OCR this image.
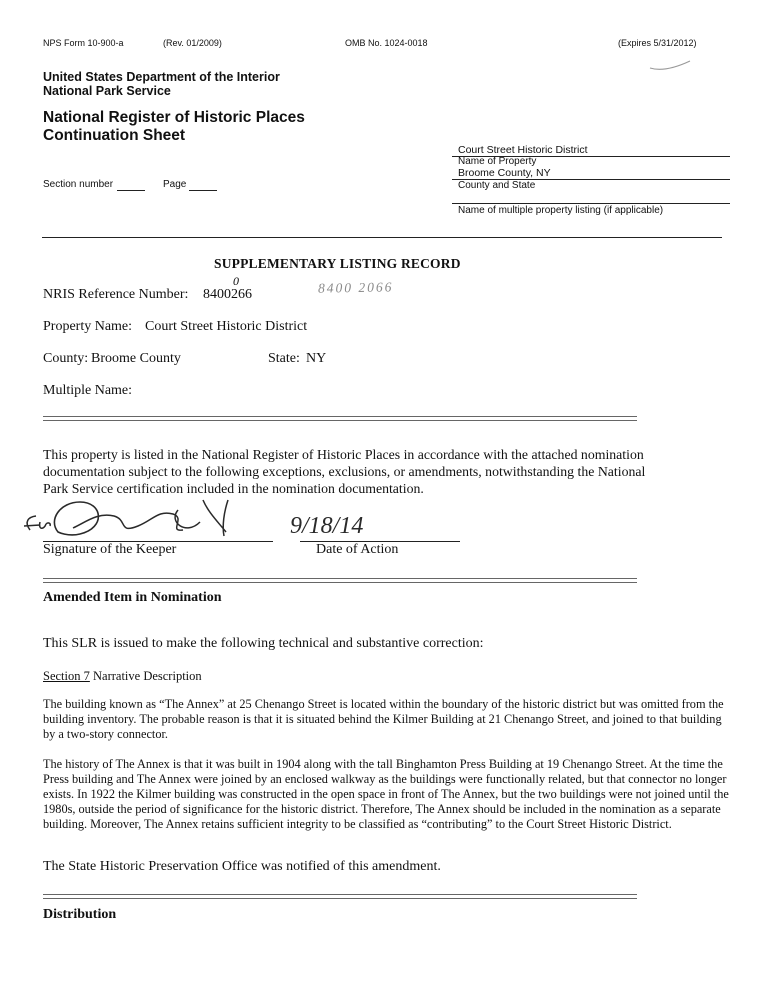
NPS Form 10-900-a	(Rev. 01/2009)	OMB No. 1024-0018	(Expires 5/31/2012)
United States Department of the Interior
National Park Service
National Register of Historic Places
Continuation Sheet
Section number	Page
Court Street Historic District
Name of Property
Broome County, NY
County and State
Name of multiple property listing (if applicable)
SUPPLEMENTARY LISTING RECORD
NRIS Reference Number: 8400266
0	8400 2066
Property Name: Court Street Historic District
County: Broome County	State: NY
Multiple Name:
This property is listed in the National Register of Historic Places in accordance with the attached nomination documentation subject to the following exceptions, exclusions, or amendments, notwithstanding the National Park Service certification included in the nomination documentation.
Signature of the Keeper
9/18/14
Date of Action
Amended Item in Nomination
This SLR is issued to make the following technical and substantive correction:
Section 7 Narrative Description
The building known as “The Annex” at 25 Chenango Street is located within the boundary of the historic district but was omitted from the building inventory. The probable reason is that it is situated behind the Kilmer Building at 21 Chenango Street, and joined to that building by a two-story connector.
The history of The Annex is that it was built in 1904 along with the tall Binghamton Press Building at 19 Chenango Street. At the time the Press building and The Annex were joined by an enclosed walkway as the buildings were functionally related, but that connector no longer exists. In 1922 the Kilmer building was constructed in the open space in front of The Annex, but the two buildings were not joined until the 1980s, outside the period of significance for the historic district. Therefore, The Annex should be included in the nomination as a separate building. Moreover, The Annex retains sufficient integrity to be classified as “contributing” to the Court Street Historic District.
The State Historic Preservation Office was notified of this amendment.
Distribution
